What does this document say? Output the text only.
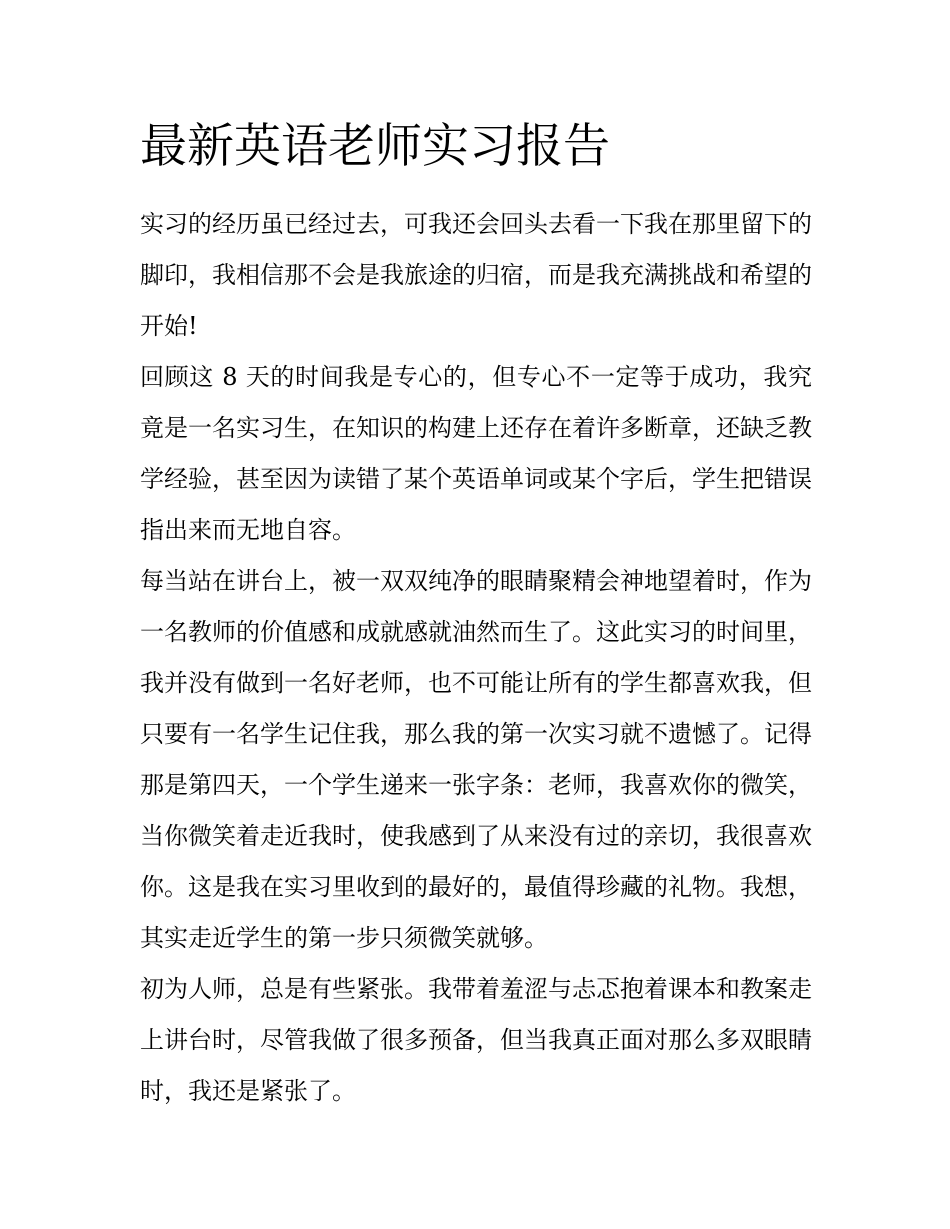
最新英语老师实习报告

实习的经历虽已经过去，可我还会回头去看一下我在那里留下的脚印，我相信那不会是我旅途的归宿，而是我充满挑战和希望的开始!

回顾这 8 天的时间我是专心的，但专心不一定等于成功，我究竟是一名实习生，在知识的构建上还存在着许多断章，还缺乏教学经验，甚至因为读错了某个英语单词或某个字后，学生把错误指出来而无地自容。

每当站在讲台上，被一双双纯净的眼睛聚精会神地望着时，作为一名教师的价值感和成就感就油然而生了。这此实习的时间里，我并没有做到一名好老师，也不可能让所有的学生都喜欢我，但只要有一名学生记住我，那么我的第一次实习就不遗憾了。记得那是第四天，一个学生递来一张字条：老师，我喜欢你的微笑，当你微笑着走近我时，使我感到了从来没有过的亲切，我很喜欢你。这是我在实习里收到的最好的，最值得珍藏的礼物。我想，其实走近学生的第一步只须微笑就够。

初为人师，总是有些紧张。我带着羞涩与忐忑抱着课本和教案走上讲台时，尽管我做了很多预备，但当我真正面对那么多双眼睛时，我还是紧张了。
